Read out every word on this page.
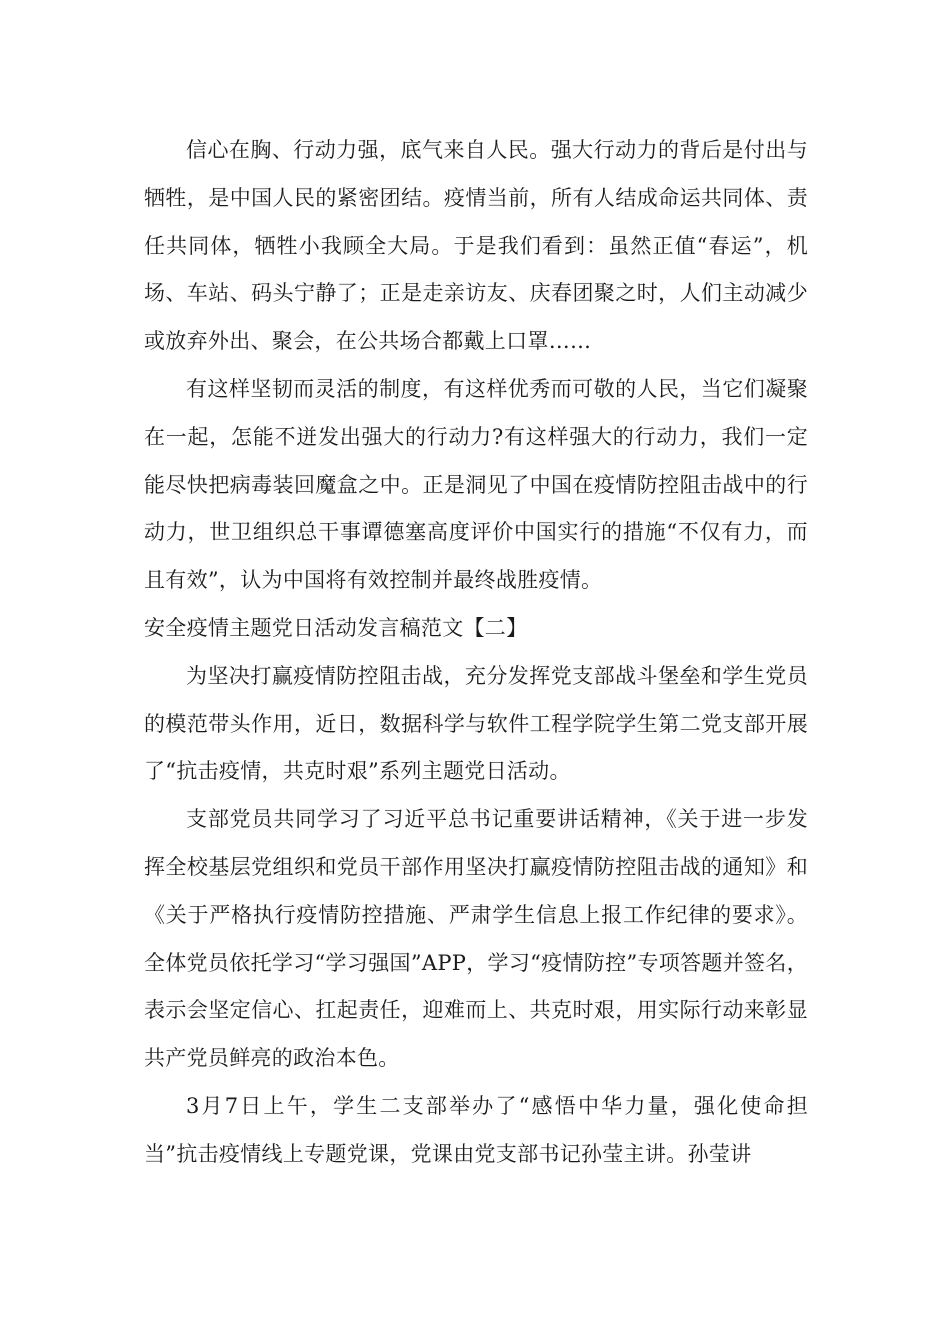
信心在胸、行动力强，底气来自人民。强大行动力的背后是付出与牺牲，是中国人民的紧密团结。疫情当前，所有人结成命运共同体、责任共同体，牺牲小我顾全大局。于是我们看到：虽然正值“春运”，机场、车站、码头宁静了；正是走亲访友、庆春团聚之时，人们主动减少或放弃外出、聚会，在公共场合都戴上口罩……

有这样坚韧而灵活的制度，有这样优秀而可敬的人民，当它们凝聚在一起，怎能不迸发出强大的行动力?有这样强大的行动力，我们一定能尽快把病毒装回魔盒之中。正是洞见了中国在疫情防控阻击战中的行动力，世卫组织总干事谭德塞高度评价中国实行的措施“不仅有力，而且有效”，认为中国将有效控制并最终战胜疫情。

安全疫情主题党日活动发言稿范文【二】

为坚决打赢疫情防控阻击战，充分发挥党支部战斗堡垒和学生党员的模范带头作用，近日，数据科学与软件工程学院学生第二党支部开展了“抗击疫情，共克时艰”系列主题党日活动。

支部党员共同学习了习近平总书记重要讲话精神，《关于进一步发挥全校基层党组织和党员干部作用坚决打赢疫情防控阻击战的通知》和《关于严格执行疫情防控措施、严肃学生信息上报工作纪律的要求》。全体党员依托学习“学习强国”APP，学习“疫情防控”专项答题并签名，表示会坚定信心、扛起责任，迎难而上、共克时艰，用实际行动来彰显共产党员鲜亮的政治本色。

3月7日上午，学生二支部举办了“感悟中华力量，强化使命担当”抗击疫情线上专题党课，党课由党支部书记孙莹主讲。孙莹讲
